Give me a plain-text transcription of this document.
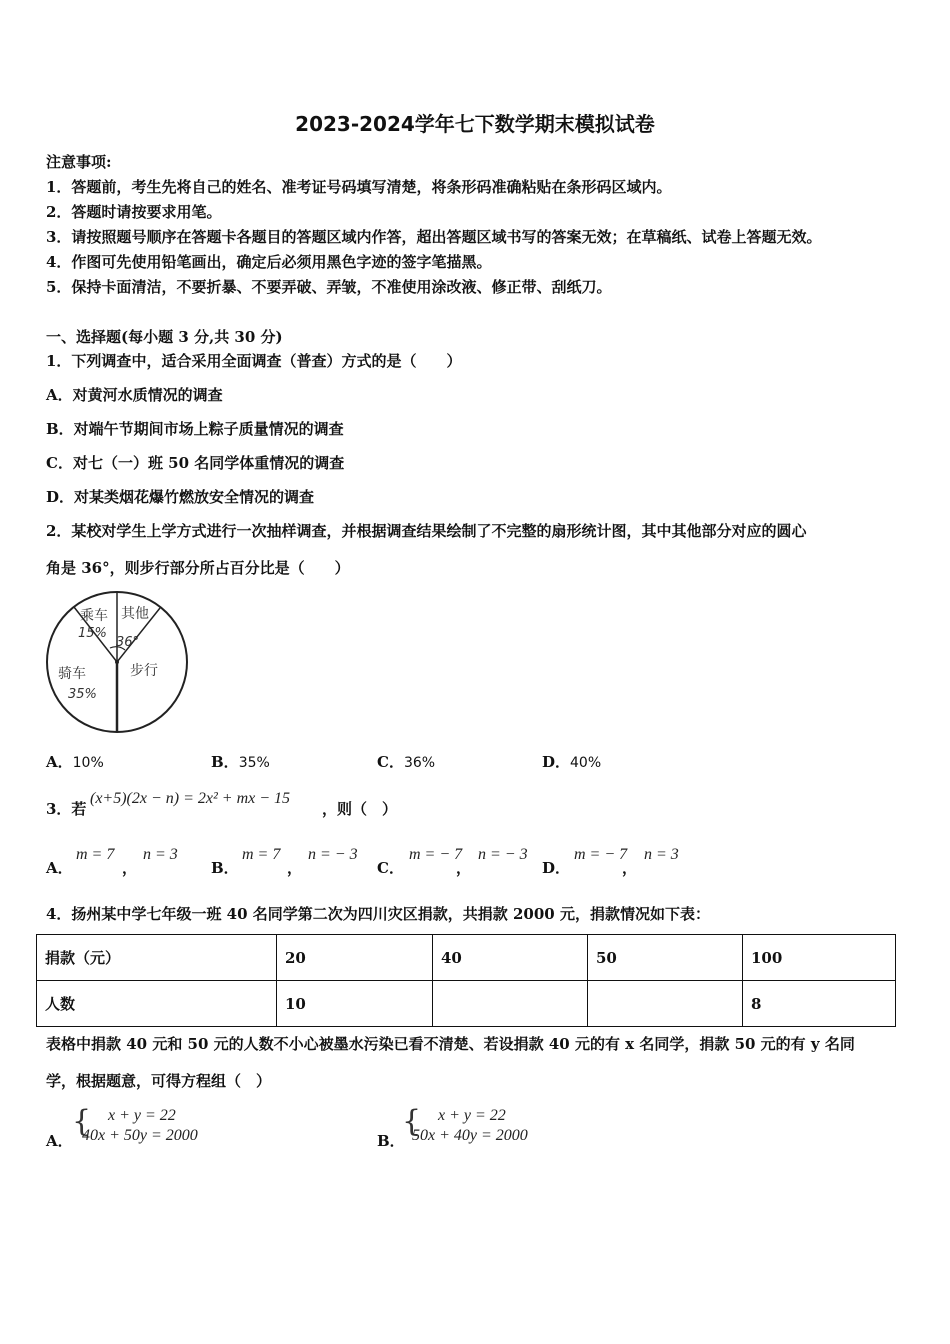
2023-2024学年七下数学期末模拟试卷
注意事项:
1．答题前，考生先将自己的姓名、准考证号码填写清楚，将条形码准确粘贴在条形码区域内。
2．答题时请按要求用笔。
3．请按照题号顺序在答题卡各题目的答题区域内作答，超出答题区域书写的答案无效；在草稿纸、试卷上答题无效。
4．作图可先使用铅笔画出，确定后必须用黑色字迹的签字笔描黑。
5．保持卡面清洁，不要折暴、不要弄破、弄皱，不准使用涂改液、修正带、刮纸刀。
一、选择题(每小题 3 分,共 30 分)
1．下列调查中，适合采用全面调查（普查）方式的是（　　）
A．对黄河水质情况的调查
B．对端午节期间市场上粽子质量情况的调查
C．对七（一）班 50 名同学体重情况的调查
D．对某类烟花爆竹燃放安全情况的调查
2．某校对学生上学方式进行一次抽样调查，并根据调查结果绘制了不完整的扇形统计图，其中其他部分对应的圆心
角是 36°，则步行部分所占百分比是（　　）
乘车
15%
其他
36°
骑车
35%
步行
A．10%	B．35%	C．36%	D．40%
3．若
(x+5)(2x − n) = 2x² + mx − 15
，则（　）
A．
m = 7
，
n = 3
B．
m = 7
，
n = − 3
C．
m = − 7
，
n = − 3
D．
m = − 7
，
n = 3
4．扬州某中学七年级一班 40 名同学第二次为四川灾区捐款，共捐款 2000 元，捐款情况如下表：
捐款（元）	20	40	50	100
人数	10			8
表格中捐款 40 元和 50 元的人数不小心被墨水污染已看不清楚、若设捐款 40 元的有 x 名同学，捐款 50 元的有 y 名同
学，根据题意，可得方程组（　）
A．
{ x + y = 22
40x + 50y = 2000	B．
{ x + y = 22
50x + 40y = 2000
